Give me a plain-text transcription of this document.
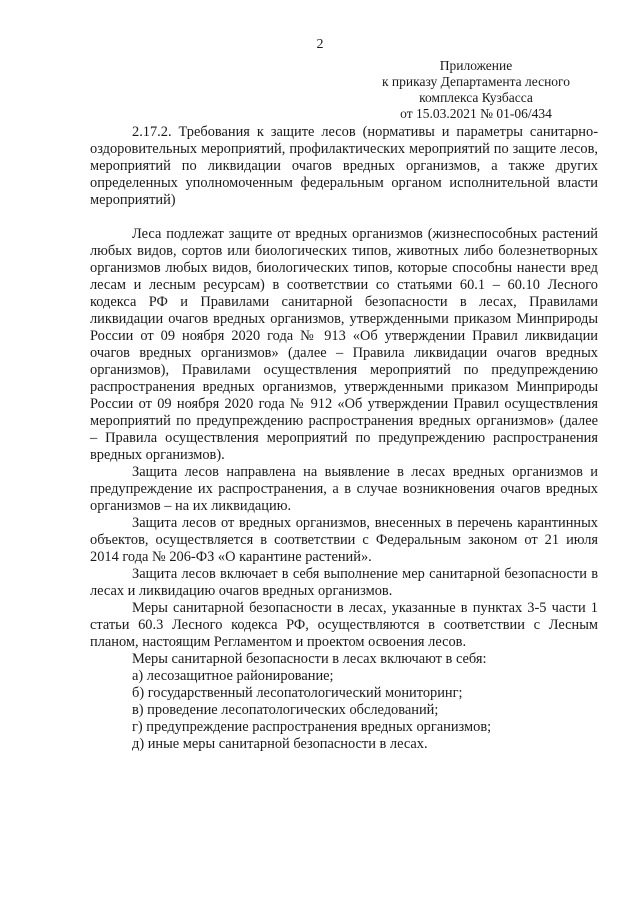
2
Приложение
к приказу Департамента лесного
комплекса Кузбасса
от 15.03.2021 № 01-06/434

2.17.2. Требования к защите лесов (нормативы и параметры санитарно-оздоровительных мероприятий, профилактических мероприятий по защите лесов, мероприятий по ликвидации очагов вредных организмов, а также других определенных уполномоченным федеральным органом исполнительной власти мероприятий)

Леса подлежат защите от вредных организмов (жизнеспособных растений любых видов, сортов или биологических типов, животных либо болезнетворных организмов любых видов, биологических типов, которые способны нанести вред лесам и лесным ресурсам) в соответствии со статьями 60.1 – 60.10 Лесного кодекса РФ и Правилами санитарной безопасности в лесах, Правилами ликвидации очагов вредных организмов, утвержденными приказом Минприроды России от 09 ноября 2020 года № 913 «Об утверждении Правил ликвидации очагов вредных организмов» (далее – Правила ликвидации очагов вредных организмов), Правилами осуществления мероприятий по предупреждению распространения вредных организмов, утвержденными приказом Минприроды России от 09 ноября 2020 года № 912 «Об утверждении Правил осуществления мероприятий по предупреждению распространения вредных организмов» (далее – Правила осуществления мероприятий по предупреждению распространения вредных организмов).

Защита лесов направлена на выявление в лесах вредных организмов и предупреждение их распространения, а в случае возникновения очагов вредных организмов – на их ликвидацию.

Защита лесов от вредных организмов, внесенных в перечень карантинных объектов, осуществляется в соответствии с Федеральным законом от 21 июля 2014 года № 206-ФЗ «О карантине растений».

Защита лесов включает в себя выполнение мер санитарной безопасности в лесах и ликвидацию очагов вредных организмов.

Меры санитарной безопасности в лесах, указанные в пунктах 3-5 части 1 статьи 60.3 Лесного кодекса РФ, осуществляются в соответствии с Лесным планом, настоящим Регламентом и проектом освоения лесов.

Меры санитарной безопасности в лесах включают в себя:

а) лесозащитное районирование;

б) государственный лесопатологический мониторинг;

в) проведение лесопатологических обследований;

г) предупреждение распространения вредных организмов;

д) иные меры санитарной безопасности в лесах.
